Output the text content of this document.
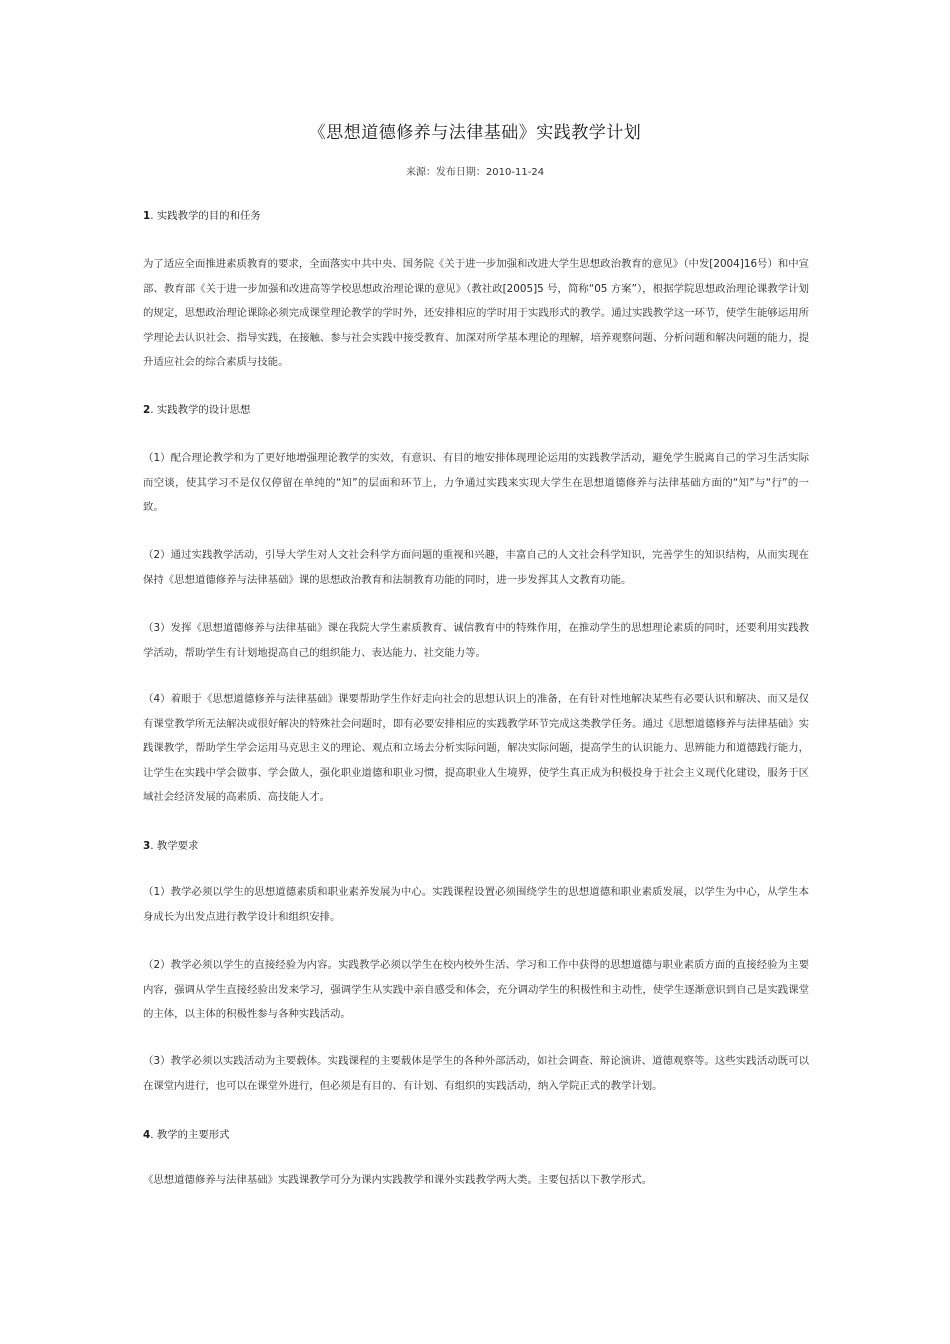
《思想道德修养与法律基础》实践教学计划
来源：发布日期：2010-11-24
1. 实践教学的目的和任务
为了适应全面推进素质教育的要求，全面落实中共中央、国务院《关于进一步加强和改进大学生思想政治教育的意见》（中发[2004]16号）和中宣部、教育部《关于进一步加强和改进高等学校思想政治理论课的意见》（教社政[2005]5 号，简称“05 方案”），根据学院思想政治理论课教学计划的规定，思想政治理论课除必须完成课堂理论教学的学时外，还安排相应的学时用于实践形式的教学。通过实践教学这一环节，使学生能够运用所学理论去认识社会、指导实践，在接触、参与社会实践中接受教育、加深对所学基本理论的理解，培养观察问题、分析问题和解决问题的能力，提升适应社会的综合素质与技能。
2. 实践教学的设计思想
（1）配合理论教学和为了更好地增强理论教学的实效，有意识、有目的地安排体现理论运用的实践教学活动，避免学生脱离自己的学习生活实际而空谈，使其学习不是仅仅停留在单纯的“知”的层面和环节上，力争通过实践来实现大学生在思想道德修养与法律基础方面的“知”与“行”的一致。
（2）通过实践教学活动，引导大学生对人文社会科学方面问题的重视和兴趣，丰富自己的人文社会科学知识，完善学生的知识结构，从而实现在保持《思想道德修养与法律基础》课的思想政治教育和法制教育功能的同时，进一步发挥其人文教育功能。
（3）发挥《思想道德修养与法律基础》课在我院大学生素质教育、诚信教育中的特殊作用，在推动学生的思想理论素质的同时，还要利用实践教学活动，帮助学生有计划地提高自己的组织能力、表达能力、社交能力等。
（4）着眼于《思想道德修养与法律基础》课要帮助学生作好走向社会的思想认识上的准备，在有针对性地解决某些有必要认识和解决、而又是仅有课堂教学所无法解决或很好解决的特殊社会问题时，即有必要安排相应的实践教学环节完成这类教学任务。通过《思想道德修养与法律基础》实践课教学，帮助学生学会运用马克思主义的理论、观点和立场去分析实际问题，解决实际问题，提高学生的认识能力、思辨能力和道德践行能力，让学生在实践中学会做事、学会做人，强化职业道德和职业习惯，提高职业人生境界，使学生真正成为积极投身于社会主义现代化建设，服务于区域社会经济发展的高素质、高技能人才。
3. 教学要求
（1）教学必须以学生的思想道德素质和职业素养发展为中心。实践课程设置必须围绕学生的思想道德和职业素质发展，以学生为中心，从学生本身成长为出发点进行教学设计和组织安排。
（2）教学必须以学生的直接经验为内容。实践教学必须以学生在校内校外生活、学习和工作中获得的思想道德与职业素质方面的直接经验为主要内容，强调从学生直接经验出发来学习，强调学生从实践中亲自感受和体会，充分调动学生的积极性和主动性，使学生逐渐意识到自己是实践课堂的主体，以主体的积极性参与各种实践活动。
（3）教学必须以实践活动为主要载体。实践课程的主要载体是学生的各种外部活动，如社会调查、辩论演讲、道德观察等。这些实践活动既可以在课堂内进行，也可以在课堂外进行，但必须是有目的、有计划、有组织的实践活动，纳入学院正式的教学计划。
4. 教学的主要形式
《思想道德修养与法律基础》实践课教学可分为课内实践教学和课外实践教学两大类。主要包括以下教学形式。
